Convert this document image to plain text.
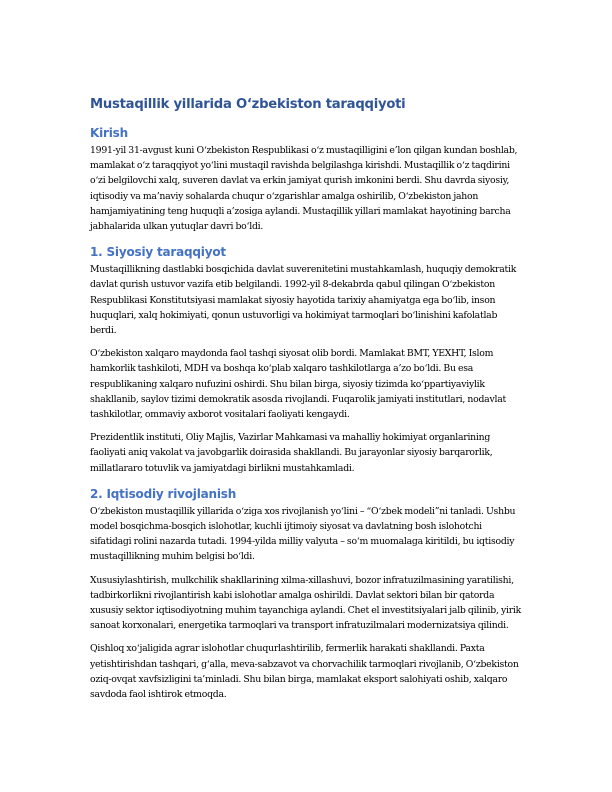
Mustaqillik yillarida O‘zbekiston taraqqiyoti
Kirish

1991-yil 31-avgust kuni O‘zbekiston Respublikasi o‘z mustaqilligini e’lon qilgan kundan boshlab, mamlakat o‘z taraqqiyot yo‘lini mustaqil ravishda belgilashga kirishdi. Mustaqillik o‘z taqdirini o‘zi belgilovchi xalq, suveren davlat va erkin jamiyat qurish imkonini berdi. Shu davrda siyosiy, iqtisodiy va ma’naviy sohalarda chuqur o‘zgarishlar amalga oshirilib, O‘zbekiston jahon hamjamiyatining teng huquqli a’zosiga aylandi. Mustaqillik yillari mamlakat hayotining barcha jabhalarida ulkan yutuqlar davri bo‘ldi.

1. Siyosiy taraqqiyot

Mustaqillikning dastlabki bosqichida davlat suverenitetini mustahkamlash, huquqiy demokratik davlat qurish ustuvor vazifa etib belgilandi. 1992-yil 8-dekabrda qabul qilingan O‘zbekiston Respublikasi Konstitutsiyasi mamlakat siyosiy hayotida tarixiy ahamiyatga ega bo‘lib, inson huquqlari, xalq hokimiyati, qonun ustuvorligi va hokimiyat tarmoqlari bo‘linishini kafolatlab berdi.

O‘zbekiston xalqaro maydonda faol tashqi siyosat olib bordi. Mamlakat BMT, YEXHT, Islom hamkorlik tashkiloti, MDH va boshqa ko‘plab xalqaro tashkilotlarga a’zo bo‘ldi. Bu esa respublikaning xalqaro nufuzini oshirdi. Shu bilan birga, siyosiy tizimda ko‘ppartiyaviylik shakllanib, saylov tizimi demokratik asosda rivojlandi. Fuqarolik jamiyati institutlari, nodavlat tashkilotlar, ommaviy axborot vositalari faoliyati kengaydi.

Prezidentlik instituti, Oliy Majlis, Vazirlar Mahkamasi va mahalliy hokimiyat organlarining faoliyati aniq vakolat va javobgarlik doirasida shakllandi. Bu jarayonlar siyosiy barqarorlik, millatlararo totuvlik va jamiyatdagi birlikni mustahkamladi.

2. Iqtisodiy rivojlanish

O‘zbekiston mustaqillik yillarida o‘ziga xos rivojlanish yo‘lini – “O‘zbek modeli”ni tanladi. Ushbu model bosqichma-bosqich islohotlar, kuchli ijtimoiy siyosat va davlatning bosh islohotchi sifatidagi rolini nazarda tutadi. 1994-yilda milliy valyuta – so‘m muomalaga kiritildi, bu iqtisodiy mustaqillikning muhim belgisi bo‘ldi.

Xususiylashtirish, mulkchilik shakllarining xilma-xillashuvi, bozor infratuzilmasining yaratilishi, tadbirkorlikni rivojlantirish kabi islohotlar amalga oshirildi. Davlat sektori bilan bir qatorda xususiy sektor iqtisodiyotning muhim tayanchiga aylandi. Chet el investitsiyalari jalb qilinib, yirik sanoat korxonalari, energetika tarmoqlari va transport infratuzilmalari modernizatsiya qilindi.

Qishloq xo‘jaligida agrar islohotlar chuqurlashtirilib, fermerlik harakati shakllandi. Paxta yetishtirishdan tashqari, g‘alla, meva-sabzavot va chorvachilik tarmoqlari rivojlanib, O‘zbekiston oziq-ovqat xavfsizligini ta’minladi. Shu bilan birga, mamlakat eksport salohiyati oshib, xalqaro savdoda faol ishtirok etmoqda.
